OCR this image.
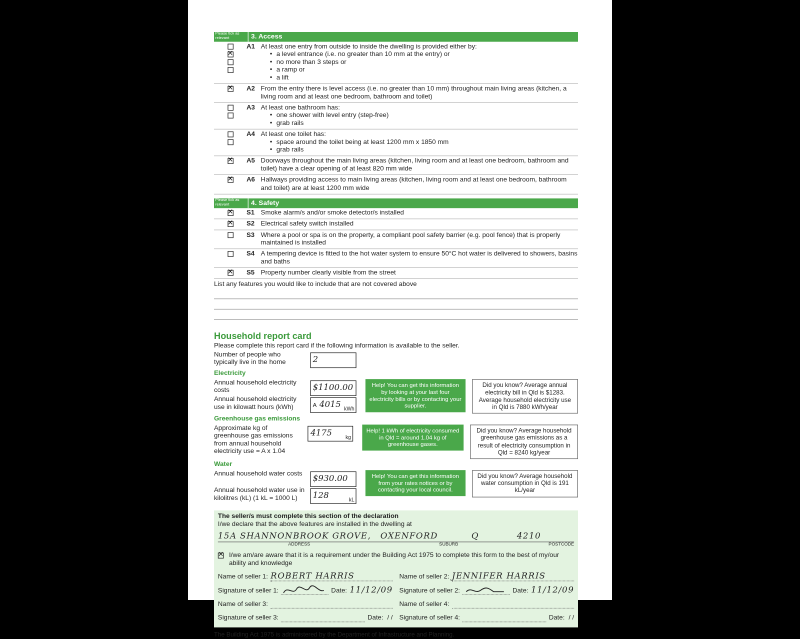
Please tick as relevant	3. Access
✕
A1 At least one entry from outside to inside the dwelling is provided either by:
• a level entrance (i.e. no greater than 10 mm at the entry) or
• no more than 3 steps or
• a ramp or
• a lift
✕
A2 From the entry there is level access (i.e. no greater than 10 mm) throughout main living areas (kitchen, a living room and at least one bedroom, bathroom and toilet)
A3 At least one bathroom has:
• one shower with level entry (step-free)
• grab rails
A4 At least one toilet has:
• space around the toilet being at least 1200 mm x 1850 mm
• grab rails
✕
A5 Doorways throughout the main living areas (kitchen, living room and at least one bedroom, bathroom and toilet) have a clear opening of at least 820 mm wide
✕
A6 Hallways providing access to main living areas (kitchen, living room and at least one bedroom, bathroom and toilet) are at least 1200 mm wide
Please tick as relevant	4. Safety
✕
S1 Smoke alarm/s and/or smoke detector/s installed
✕
S2 Electrical safety switch installed
S3 Where a pool or spa is on the property, a compliant pool safety barrier (e.g. pool fence) that is properly maintained is installed
S4 A tempering device is fitted to the hot water system to ensure 50°C hot water is delivered to showers, basins and baths
✕
S5 Property number clearly visible from the street
List any features you would like to include that are not covered above
Household report card
Please complete this report card if the following information is available to the seller.
Number of people who typically live in the home	2
Electricity
Annual household electricity costs	$1100.00
Annual household electricity use in kilowatt hours (kWh)	A 4015 kWh
Help! You can get this information by looking at your last four electricity bills or by contacting your supplier.
Did you know? Average annual electricity bill in Qld is $1283. Average household electricity use in Qld is 7880 kWh/year
Greenhouse gas emissions
Approximate kg of greenhouse gas emissions from annual household electricity use = A x 1.04
4175 kg
Help! 1 kWh of electricity consumed in Qld = around 1.04 kg of greenhouse gases.
Did you know? Average household greenhouse gas emissions as a result of electricity consumption in Qld = 8240 kg/year
Water
Annual household water costs
$930.00
Annual household water use in kilolitres (kL) (1 kL = 1000 L)	128 kL
Help! You can get this information from your rates notices or by contacting your local council.
Did you know? Average household water consumption in Qld is 191 kL/year
The seller/s must complete this section of the declaration
I/we declare that the above features are installed in the dwelling at
15A SHANNONBROOK GROVE, OXENFORD	Q	4210
ADDRESS	SUBURB	POSTCODE
✕
I/we am/are aware that it is a requirement under the Building Act 1975 to complete this form to the best of my/our ability and knowledge
Name of seller 1: ROBERT HARRIS	Name of seller 2: JENNIFER HARRIS
Signature of seller 1:	Date: 11/12/09 Signature of seller 2:	Date: 11/12/09
Name of seller 3:	Name of seller 4:
Signature of seller 3:	Date: / / Signature of seller 4:	Date: / /
The Building Act 1975 is administered by the Department of Infrastructure and Planning.
